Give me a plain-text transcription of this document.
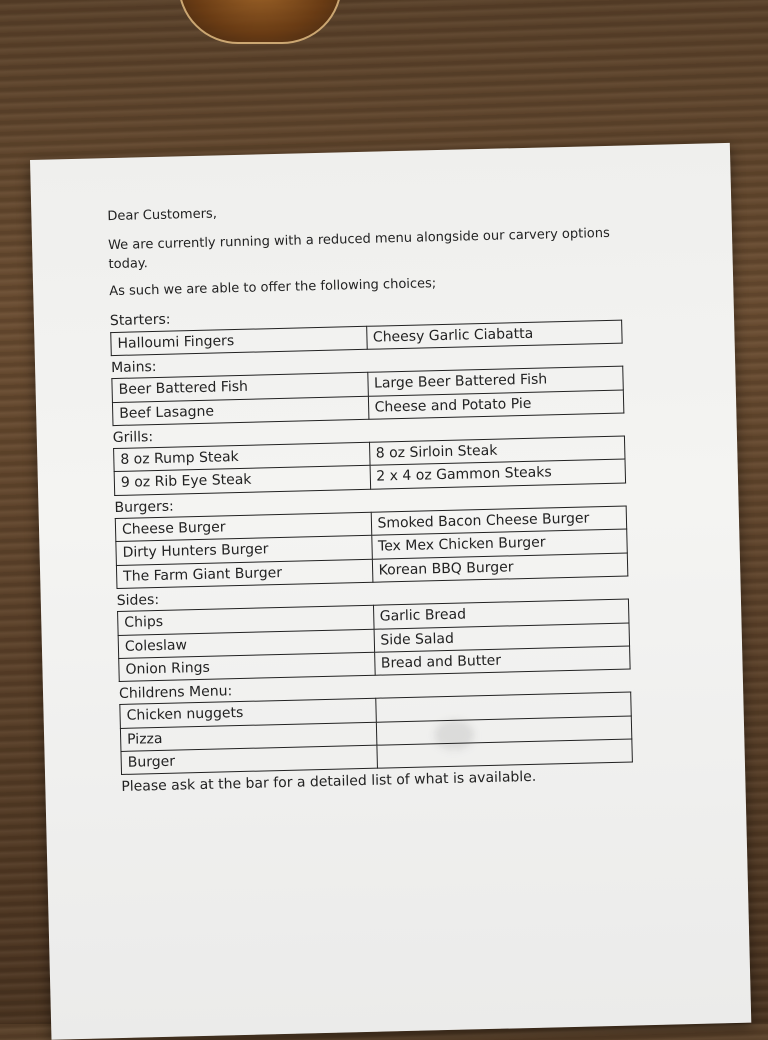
Dear Customers,

We are currently running with a reduced menu alongside our carvery options today.

As such we are able to offer the following choices;

Starters:

Halloumi Fingers	Cheesy Garlic Ciabatta

Mains:

Beer Battered Fish	Large Beer Battered Fish
Beef Lasagne	Cheese and Potato Pie

Grills:

8 oz Rump Steak	8 oz Sirloin Steak
9 oz Rib Eye Steak	2 x 4 oz Gammon Steaks

Burgers:

Cheese Burger	Smoked Bacon Cheese Burger
Dirty Hunters Burger	Tex Mex Chicken Burger
The Farm Giant Burger	Korean BBQ Burger

Sides:

Chips	Garlic Bread
Coleslaw	Side Salad
Onion Rings	Bread and Butter

Childrens Menu:

Chicken nuggets	
Pizza	
Burger	

Please ask at the bar for a detailed list of what is available.
